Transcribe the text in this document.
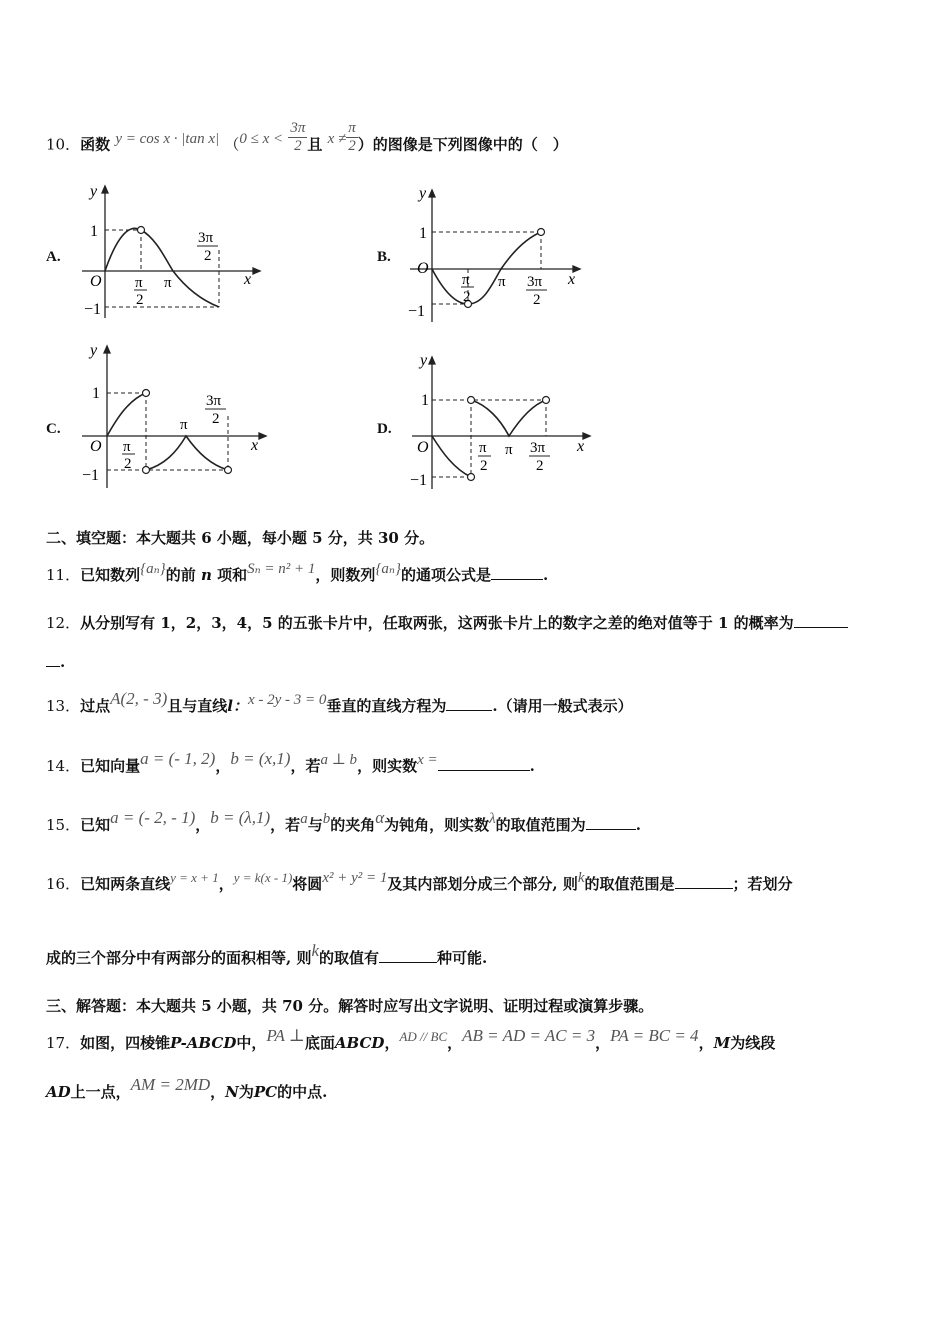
10．函数 y = cos x · |tan x| （$0 \le x < \frac{3\pi}{2}$ 且 $x \ne \frac{\pi}{2}$ ）的图像是下列图像中的（　）
A.	B.
C.	D.
y
1
−1
O π
2
π
3π
2
x
y
1
−1
O
π
2
π 3π
2
x
y
1
−1
O π
2
π
3π
2
x
y
1
−1
O	π
2
π 3π
2
x
二、填空题：本大题共 6 小题，每小题 5 分，共 30 分。
11．已知数列{aₙ}的前 n 项和Sₙ = n² + 1，则数列{aₙ}的通项公式是	.
12．从分别写有 1，2，3，4，5 的五张卡片中，任取两张，这两张卡片上的数字之差的绝对值等于 1 的概率为
.
13．过点A(2, - 3)且与直线l：x - 2y - 3 = 0垂直的直线方程为	.（请用一般式表示）
14．已知向量a = (- 1, 2)，b = (x,1)，若a ⊥ b，则实数x =	.
15．已知a = (- 2, - 1)，b = (λ,1)，若a与b的夹角α为钝角，则实数λ的取值范围为	.
16．已知两条直线y = x + 1，y = k(x - 1)将圆x² + y² = 1及其内部划分成三个部分, 则k的取值范围是	；若划分
成的三个部分中有两部分的面积相等, 则k的取值有	种可能.
三、解答题：本大题共 5 小题，共 70 分。解答时应写出文字说明、证明过程或演算步骤。
17．如图，四棱锥P-ABCD中，PA ⊥底面ABCD，AD // BC，AB = AD = AC = 3，PA = BC = 4，M为线段
AD上一点，AM = 2MD，N为PC的中点.
